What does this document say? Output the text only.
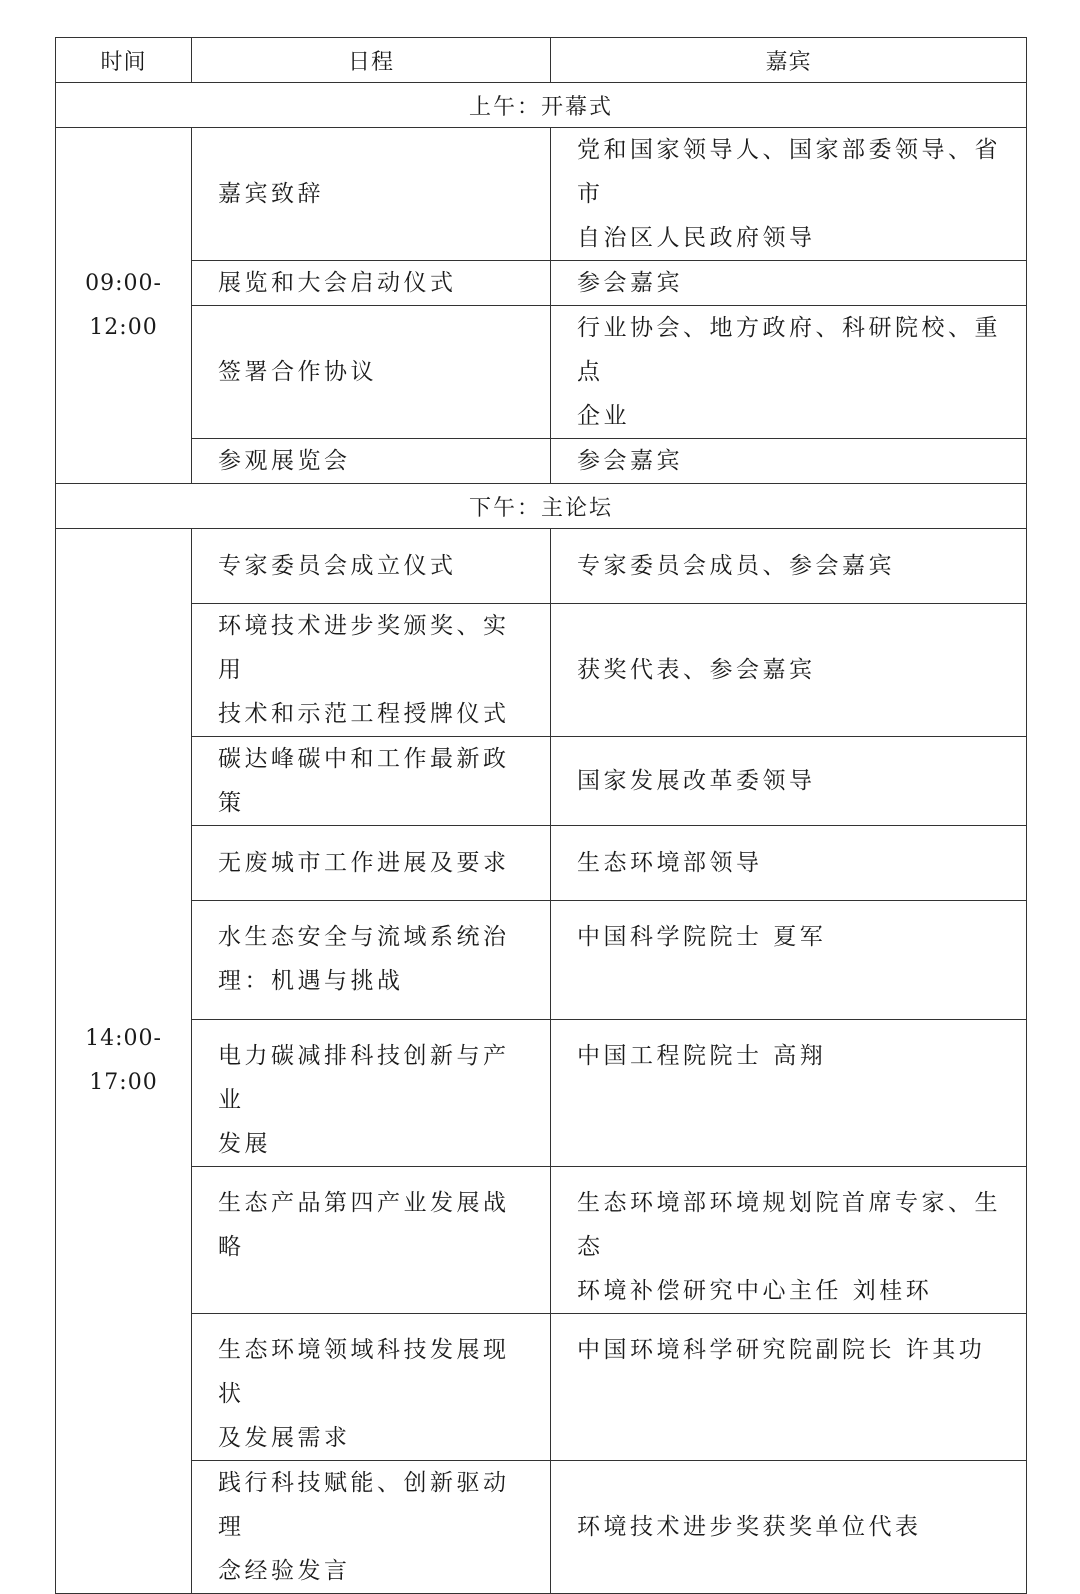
时间	日程	嘉宾
上午：开幕式		

09:00-
12:00	嘉宾致辞	党和国家领导人、国家部委领导、省市
自治区人民政府领导

	展览和大会启动仪式	参会嘉宾

	签署合作协议	行业协会、地方政府、科研院校、重点
企业

	参观展览会	参会嘉宾

下午：主论坛		

14:00-
17:00	专家委员会成立仪式	专家委员会成员、参会嘉宾

	环境技术进步奖颁奖、实用
技术和示范工程授牌仪式	获奖代表、参会嘉宾

	碳达峰碳中和工作最新政策	国家发展改革委领导

	无废城市工作进展及要求	生态环境部领导

	水生态安全与流域系统治
理：机遇与挑战	中国科学院院士 夏军

	电力碳减排科技创新与产业
发展	中国工程院院士 高翔

	生态产品第四产业发展战略	生态环境部环境规划院首席专家、生态
环境补偿研究中心主任 刘桂环

	生态环境领域科技发展现状
及发展需求	中国环境科学研究院副院长 许其功

	践行科技赋能、创新驱动理
念经验发言	环境技术进步奖获奖单位代表
